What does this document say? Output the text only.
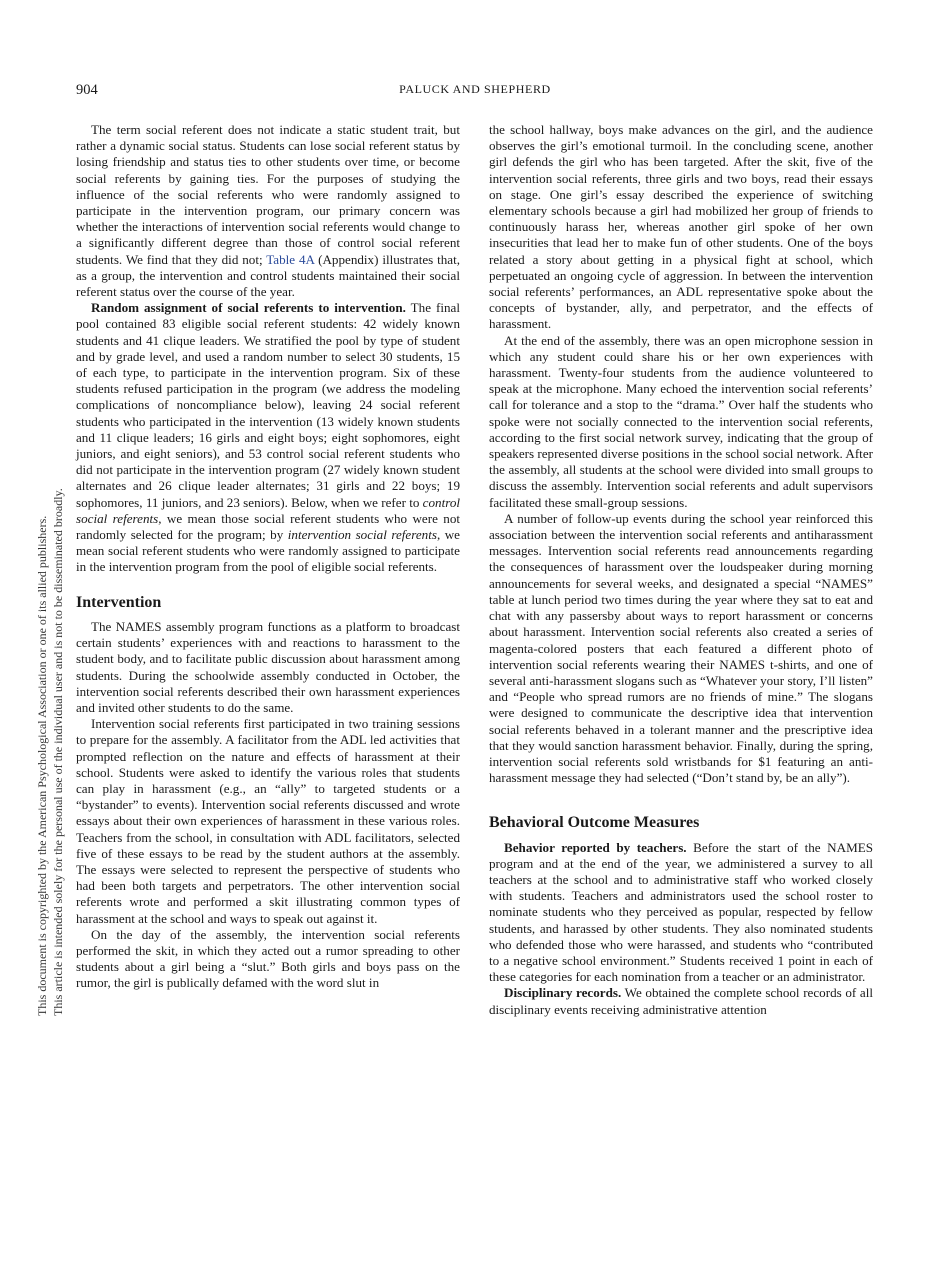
904	PALUCK AND SHEPHERD
This document is copyrighted by the American Psychological Association or one of its allied publishers. This article is intended solely for the personal use of the individual user and is not to be disseminated broadly.

The term social referent does not indicate a static student trait, but rather a dynamic social status. Students can lose social referent status by losing friendship and status ties to other students over time, or become social referents by gaining ties. For the purposes of studying the influence of the social referents who were randomly assigned to participate in the intervention program, our primary concern was whether the interactions of intervention social referents would change to a significantly different degree than those of control social referent students. We find that they did not; Table 4A (Appendix) illustrates that, as a group, the intervention and control students maintained their social referent status over the course of the year.

Random assignment of social referents to intervention. The final pool contained 83 eligible social referent students: 42 widely known students and 41 clique leaders. We stratified the pool by type of student and by grade level, and used a random number to select 30 students, 15 of each type, to participate in the intervention program. Six of these students refused participation in the program (we address the modeling complications of noncompliance below), leaving 24 social referent students who participated in the intervention (13 widely known students and 11 clique leaders; 16 girls and eight boys; eight sophomores, eight juniors, and eight seniors), and 53 control social referent students who did not participate in the intervention program (27 widely known student alternates and 26 clique leader alternates; 31 girls and 22 boys; 19 sophomores, 11 juniors, and 23 seniors). Below, when we refer to control social referents, we mean those social referent students who were not randomly selected for the program; by intervention social referents, we mean social referent students who were randomly assigned to participate in the intervention program from the pool of eligible social referents.

Intervention

The NAMES assembly program functions as a platform to broadcast certain students’ experiences with and reactions to harassment to the student body, and to facilitate public discussion about harassment among students. During the schoolwide assembly conducted in October, the intervention social referents described their own harassment experiences and invited other students to do the same.

Intervention social referents first participated in two training sessions to prepare for the assembly. A facilitator from the ADL led activities that prompted reflection on the nature and effects of harassment at their school. Students were asked to identify the various roles that students can play in harassment (e.g., an “ally” to targeted students or a “bystander” to events). Intervention social referents discussed and wrote essays about their own experiences of harassment in these various roles. Teachers from the school, in consultation with ADL facilitators, selected five of these essays to be read by the student authors at the assembly. The essays were selected to represent the perspective of students who had been both targets and perpetrators. The other intervention social referents wrote and performed a skit illustrating common types of harassment at the school and ways to speak out against it.

On the day of the assembly, the intervention social referents performed the skit, in which they acted out a rumor spreading to other students about a girl being a “slut.” Both girls and boys pass on the rumor, the girl is publically defamed with the word slut in

the school hallway, boys make advances on the girl, and the audience observes the girl’s emotional turmoil. In the concluding scene, another girl defends the girl who has been targeted. After the skit, five of the intervention social referents, three girls and two boys, read their essays on stage. One girl’s essay described the experience of switching elementary schools because a girl had mobilized her group of friends to continuously harass her, whereas another girl spoke of her own insecurities that lead her to make fun of other students. One of the boys related a story about getting in a physical fight at school, which perpetuated an ongoing cycle of aggression. In between the intervention social referents’ performances, an ADL representative spoke about the concepts of bystander, ally, and perpetrator, and the effects of harassment.

At the end of the assembly, there was an open microphone session in which any student could share his or her own experiences with harassment. Twenty-four students from the audience volunteered to speak at the microphone. Many echoed the intervention social referents’ call for tolerance and a stop to the “drama.” Over half the students who spoke were not socially connected to the intervention social referents, according to the first social network survey, indicating that the group of speakers represented diverse positions in the school social network. After the assembly, all students at the school were divided into small groups to discuss the assembly. Intervention social referents and adult supervisors facilitated these small-group sessions.

A number of follow-up events during the school year reinforced this association between the intervention social referents and antiharassment messages. Intervention social referents read announcements regarding the consequences of harassment over the loudspeaker during morning announcements for several weeks, and designated a special “NAMES” table at lunch period two times during the year where they sat to eat and chat with any passersby about ways to report harassment or concerns about harassment. Intervention social referents also created a series of magenta-colored posters that each featured a different photo of intervention social referents wearing their NAMES t-shirts, and one of several anti-harassment slogans such as “Whatever your story, I’ll listen” and “People who spread rumors are no friends of mine.” The slogans were designed to communicate the descriptive idea that intervention social referents behaved in a tolerant manner and the prescriptive idea that they would sanction harassment behavior. Finally, during the spring, intervention social referents sold wristbands for $1 featuring an anti-harassment message they had selected (“Don’t stand by, be an ally”).

Behavioral Outcome Measures

Behavior reported by teachers. Before the start of the NAMES program and at the end of the year, we administered a survey to all teachers at the school and to administrative staff who worked closely with students. Teachers and administrators used the school roster to nominate students who they perceived as popular, respected by fellow students, and harassed by other students. They also nominated students who defended those who were harassed, and students who “contributed to a negative school environment.” Students received 1 point in each of these categories for each nomination from a teacher or an administrator.

Disciplinary records. We obtained the complete school records of all disciplinary events receiving administrative attention
